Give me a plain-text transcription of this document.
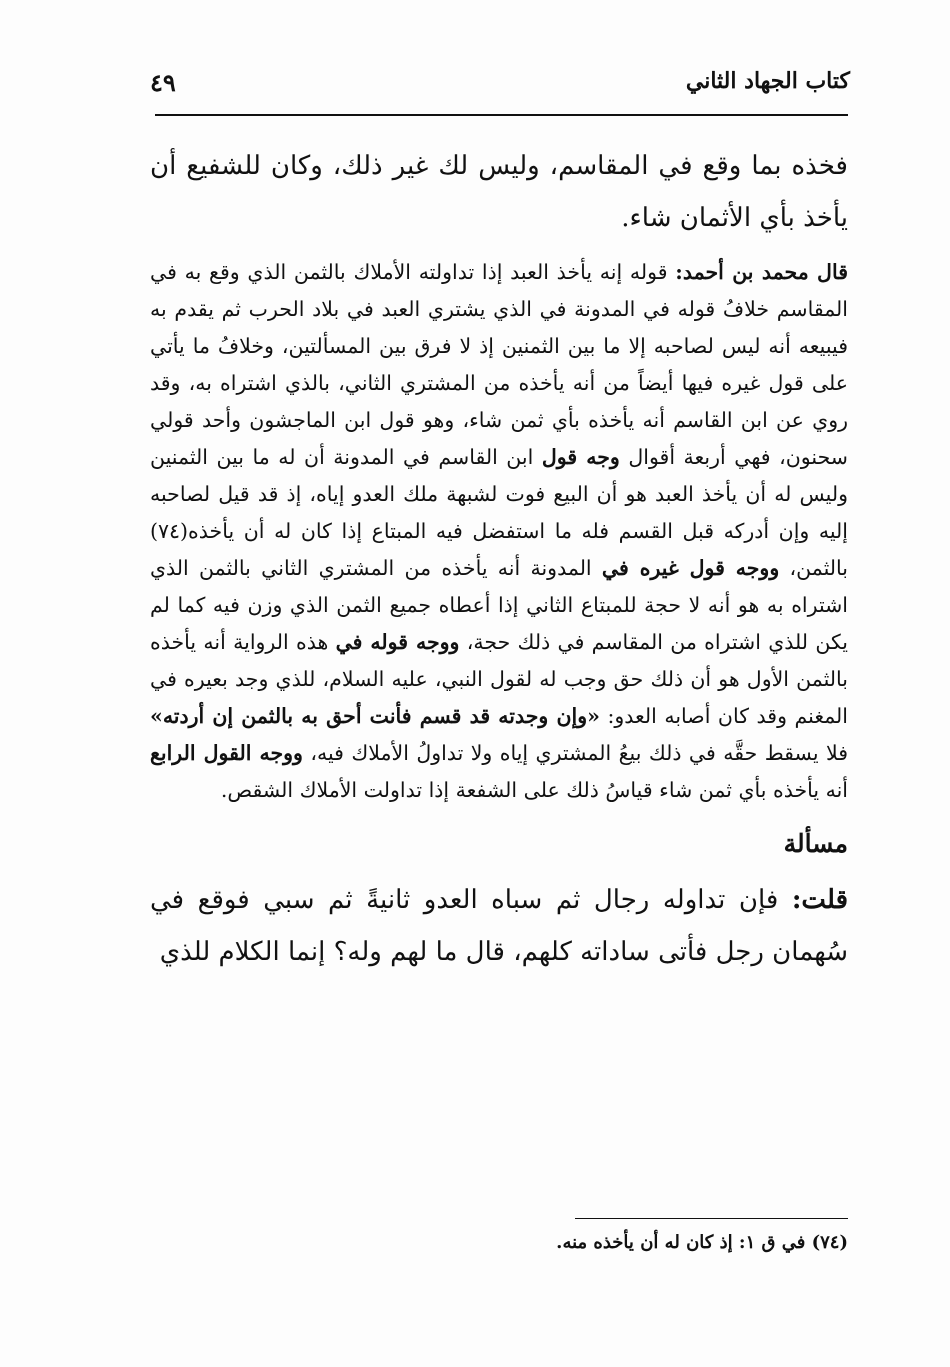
كتاب الجهاد الثاني
٤٩

فخذه بما وقع في المقاسم، وليس لك غير ذلك، وكان للشفيع أن يأخذ بأي الأثمان شاء.

قال محمد بن أحمد: قوله إنه يأخذ العبد إذا تداولته الأملاك بالثمن الذي وقع به في المقاسم خلافُ قوله في المدونة في الذي يشتري العبد في بلاد الحرب ثم يقدم به فيبيعه أنه ليس لصاحبه إلا ما بين الثمنين إذ لا فرق بين المسألتين، وخلافُ ما يأتي على قول غيره فيها أيضاً من أنه يأخذه من المشتري الثاني، بالذي اشتراه به، وقد روي عن ابن القاسم أنه يأخذه بأي ثمن شاء، وهو قول ابن الماجشون وأحد قولي سحنون، فهي أربعة أقوال وجه قول ابن القاسم في المدونة أن له ما بين الثمنين وليس له أن يأخذ العبد هو أن البيع فوت لشبهة ملك العدو إياه، إذ قد قيل لصاحبه إليه وإن أدركه قبل القسم فله ما استفضل فيه المبتاع إذا كان له أن يأخذه(٧٤) بالثمن، ووجه قول غيره في المدونة أنه يأخذه من المشتري الثاني بالثمن الذي اشتراه به هو أنه لا حجة للمبتاع الثاني إذا أعطاه جميع الثمن الذي وزن فيه كما لم يكن للذي اشتراه من المقاسم في ذلك حجة، ووجه قوله في هذه الرواية أنه يأخذه بالثمن الأول هو أن ذلك حق وجب له لقول النبي، عليه السلام، للذي وجد بعيره في المغنم وقد كان أصابه العدو: «وإن وجدته قد قسم فأنت أحق به بالثمن إن أردته» فلا يسقط حقَّه في ذلك بيعُ المشتري إياه ولا تداولُ الأملاك فيه، ووجه القول الرابع أنه يأخذه بأي ثمن شاء قياسُ ذلك على الشفعة إذا تداولت الأملاك الشقص.

مسألة

قلت: فإن تداوله رجال ثم سباه العدو ثانيةً ثم سبي فوقع في سُهمان رجل فأتى ساداته كلهم، قال ما لهم وله؟ إنما الكلام للذي

(٧٤) في ق ١: إذ كان له أن يأخذه منه.
